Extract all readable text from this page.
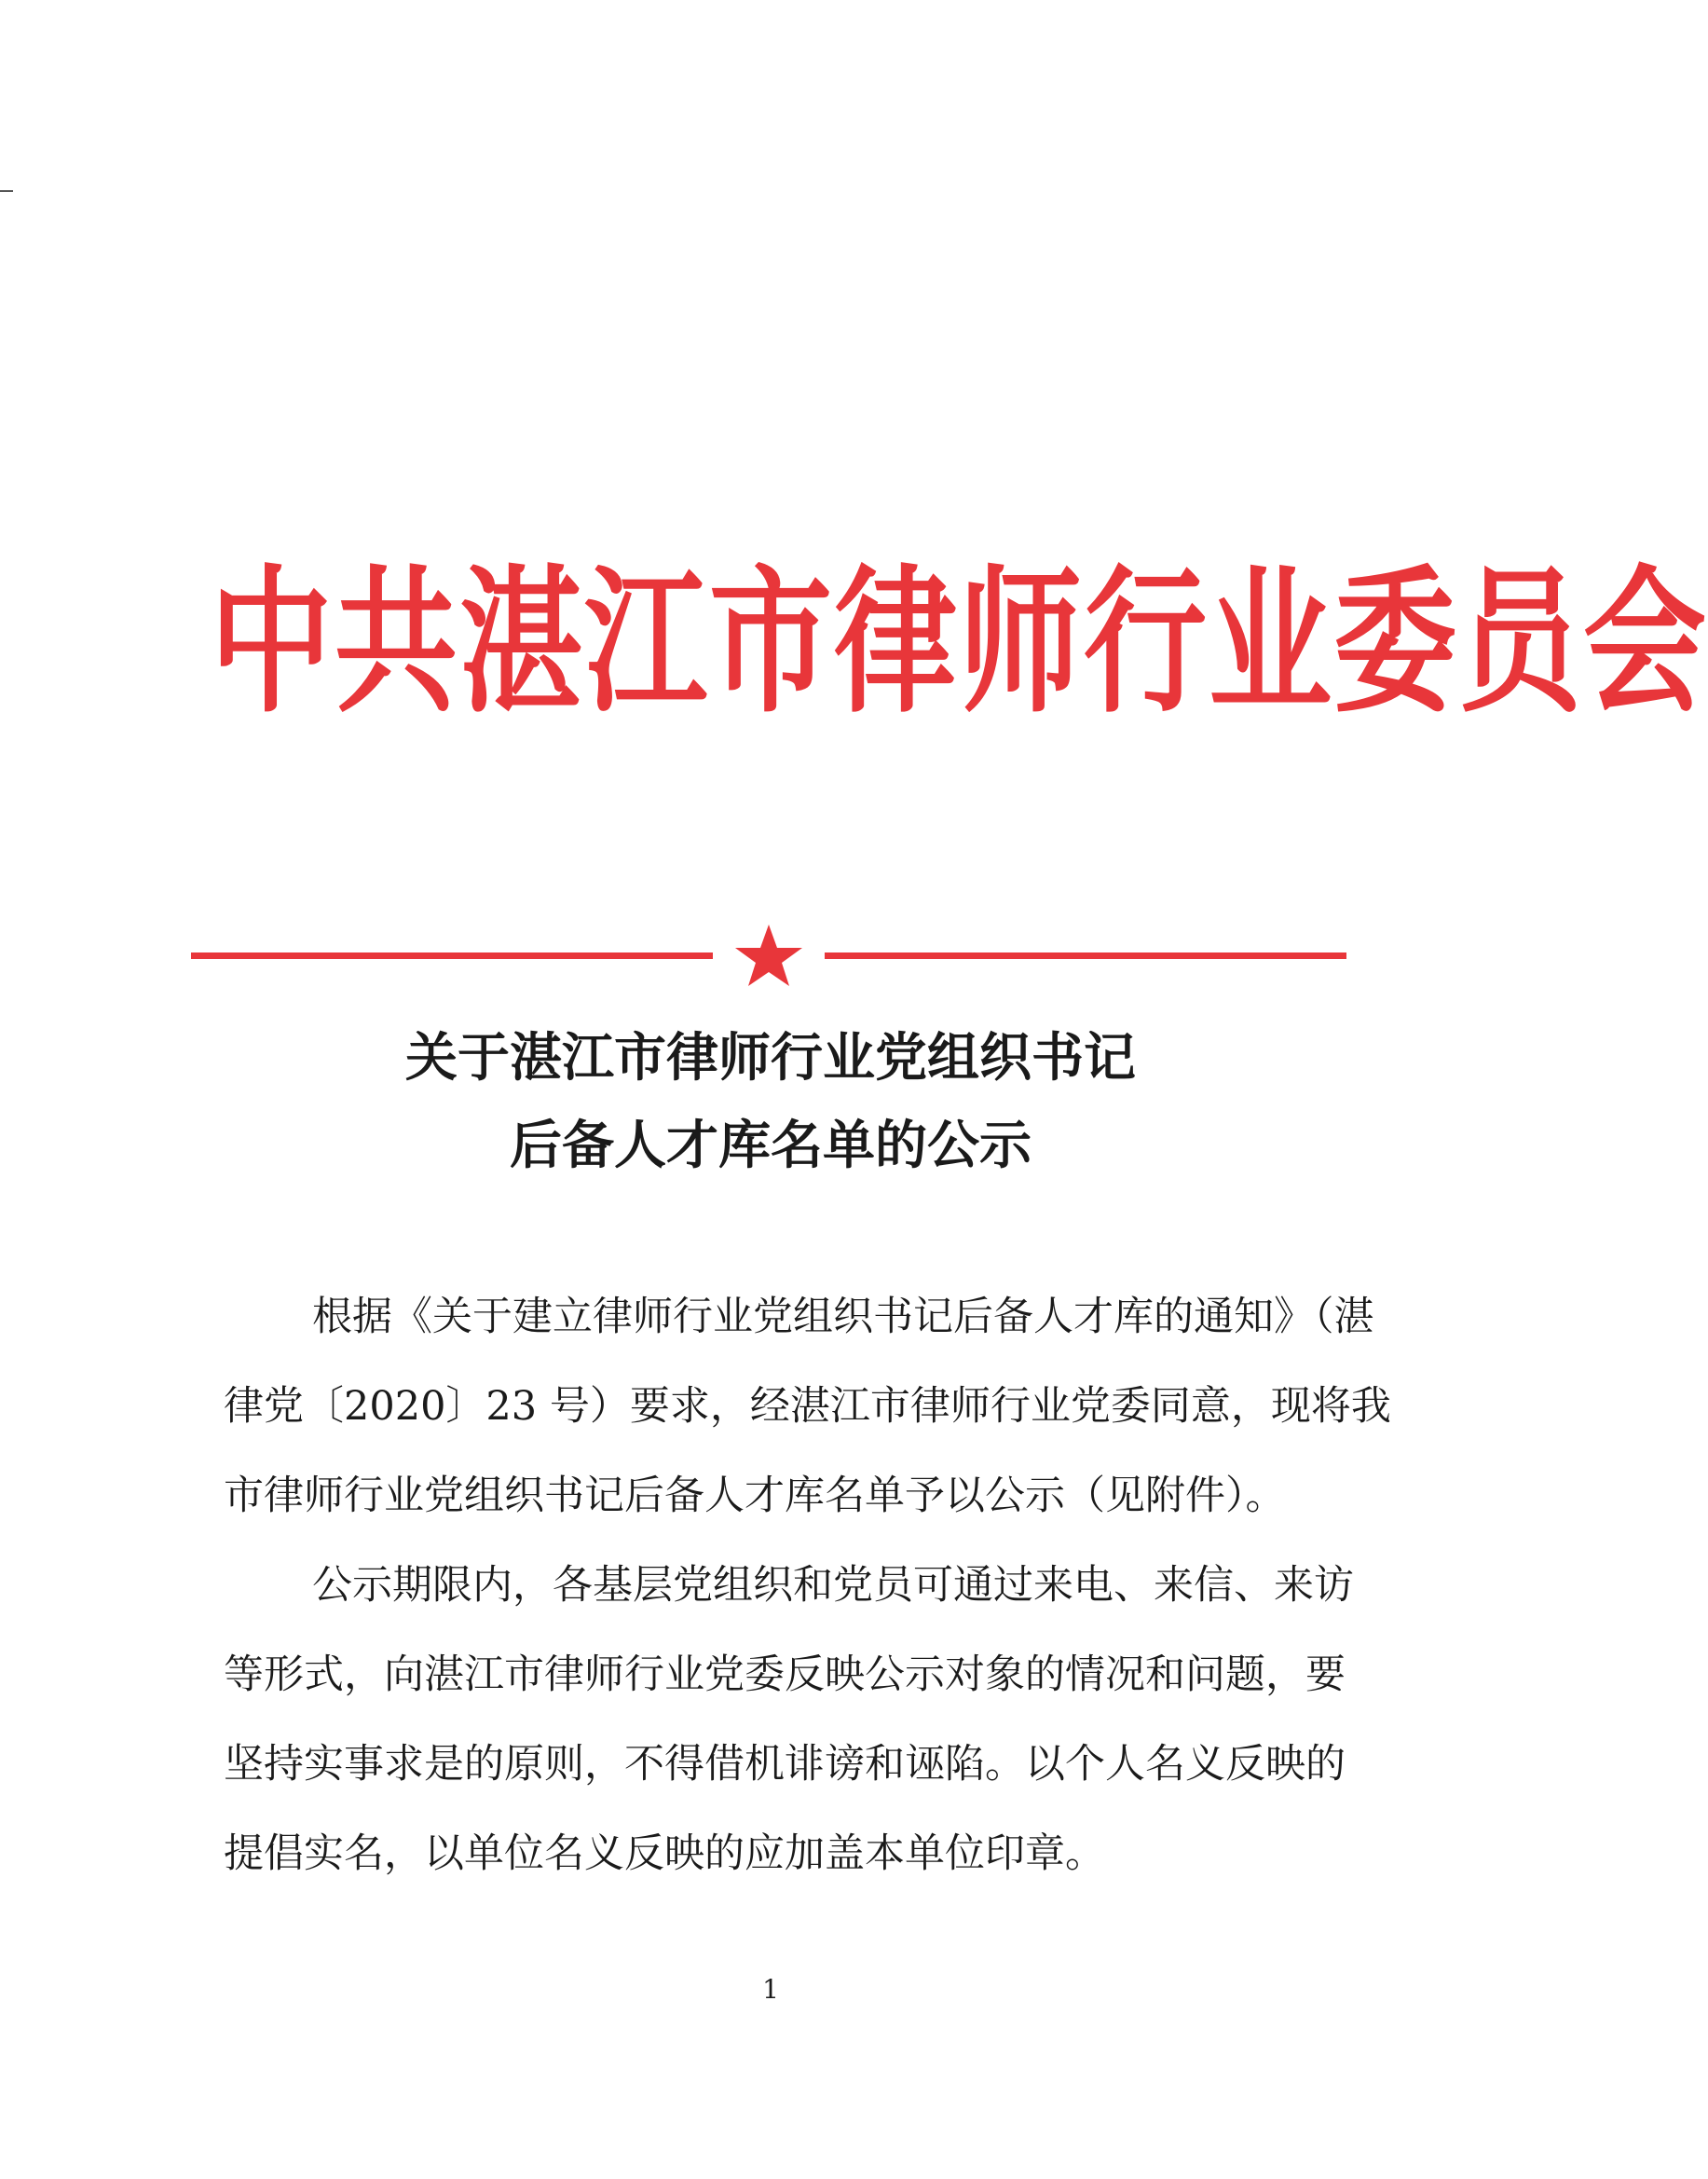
中共湛江市律师行业委员会
关于湛江市律师行业党组织书记
后备人才库名单的公示
根据《关于建立律师行业党组织书记后备人才库的通知》（湛
律党〔2020〕23 号）要求，经湛江市律师行业党委同意，现将我
市律师行业党组织书记后备人才库名单予以公示（见附件）。
公示期限内，各基层党组织和党员可通过来电、来信、来访
等形式，向湛江市律师行业党委反映公示对象的情况和问题，要
坚持实事求是的原则，不得借机诽谤和诬陷。以个人名义反映的
提倡实名，以单位名义反映的应加盖本单位印章。
1
